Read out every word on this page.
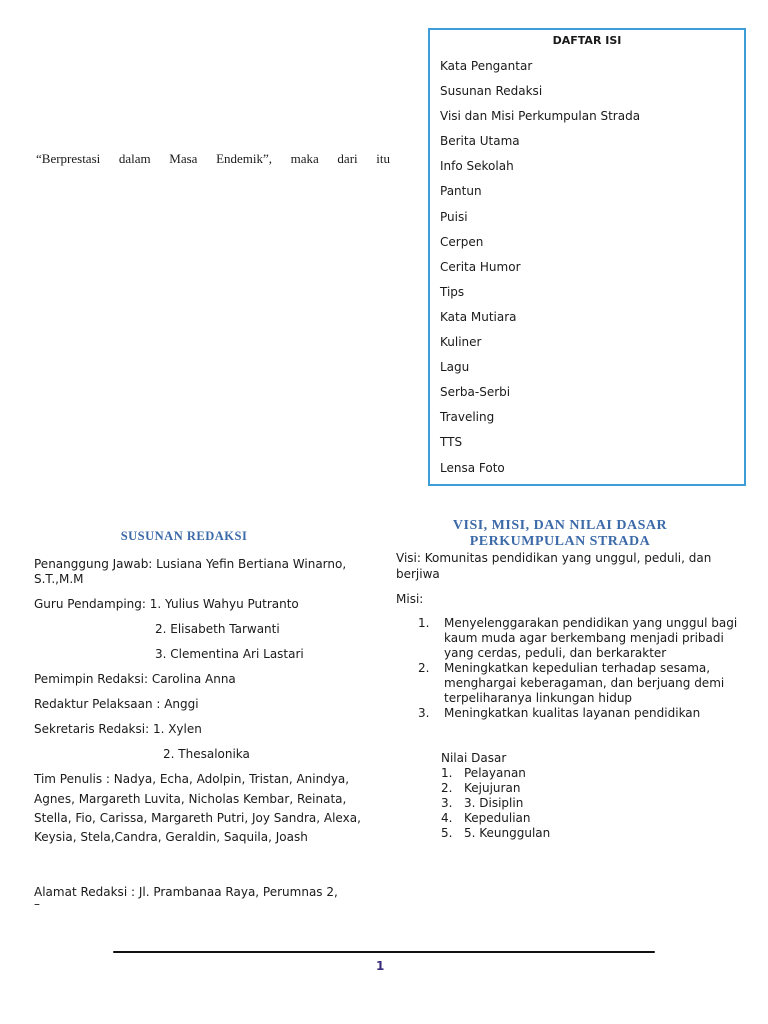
“Berprestasi dalam Masa Endemik”, maka dari itu
DAFTAR ISI
Kata Pengantar
Susunan Redaksi
Visi dan Misi Perkumpulan Strada
Berita Utama
Info Sekolah
Pantun
Puisi
Cerpen
Cerita Humor
Tips
Kata Mutiara
Kuliner
Lagu
Serba-Serbi
Traveling
TTS
Lensa Foto
SUSUNAN REDAKSI
Penanggung Jawab: Lusiana Yefin Bertiana Winarno,
S.T.,M.M
Guru Pendamping: 1. Yulius Wahyu Putranto
2. Elisabeth Tarwanti
3. Clementina Ari Lastari
Pemimpin Redaksi: Carolina Anna
Redaktur Pelaksaan : Anggi
Sekretaris Redaksi: 1. Xylen
2. Thesalonika
Tim Penulis : Nadya, Echa, Adolpin, Tristan, Anindya,
Agnes, Margareth Luvita, Nicholas Kembar, Reinata,
Stella, Fio, Carissa, Margareth Putri, Joy Sandra, Alexa,
Keysia, Stela,Candra, Geraldin, Saquila, Joash
Alamat Redaksi : Jl. Prambanaa Raya, Perumnas 2,
–
VISI, MISI, DAN NILAI DASAR
PERKUMPULAN STRADA
Visi: Komunitas pendidikan yang unggul, peduli, dan
berjiwa
Misi:
1. Menyelenggarakan pendidikan yang unggul bagi
kaum muda agar berkembang menjadi pribadi
yang cerdas, peduli, dan berkarakter
2. Meningkatkan kepedulian terhadap sesama,
menghargai keberagaman, dan berjuang demi
terpeliharanya linkungan hidup
3. Meningkatkan kualitas layanan pendidikan
Nilai Dasar
1. Pelayanan
2. Kejujuran
3. 3. Disiplin
4. Kepedulian
5. 5. Keunggulan
1
